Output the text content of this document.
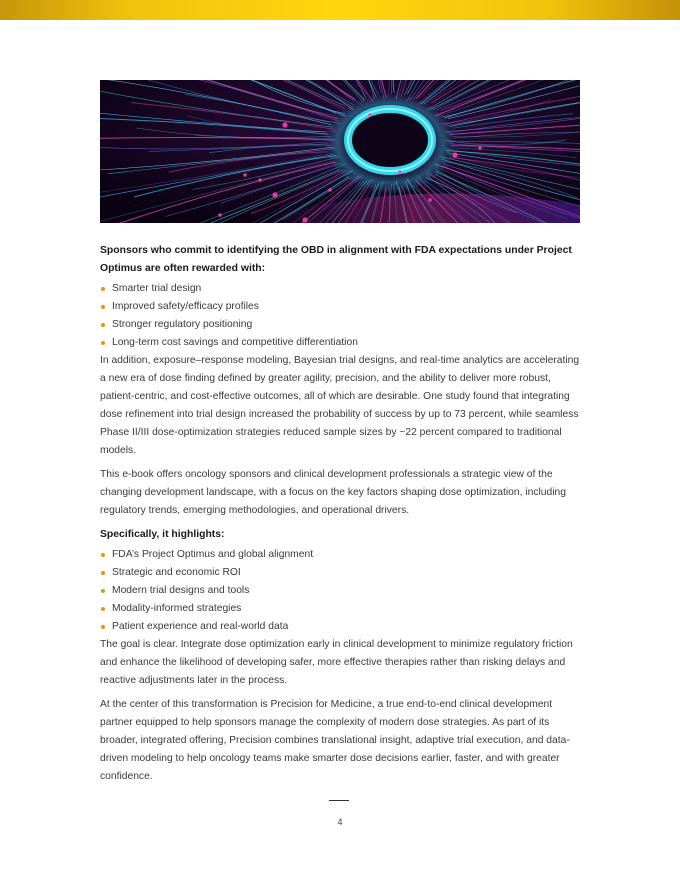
Sponsors who commit to identifying the OBD in alignment with FDA expectations under Project Optimus are often rewarded with:

Smarter trial design
Improved safety/efficacy profiles
Stronger regulatory positioning
Long-term cost savings and competitive differentiation

In addition, exposure–response modeling, Bayesian trial designs, and real-time analytics are accelerating a new era of dose finding defined by greater agility, precision, and the ability to deliver more robust, patient-centric, and cost-effective outcomes, all of which are desirable. One study found that integrating dose refinement into trial design increased the probability of success by up to 73 percent, while seamless Phase II/III dose-optimization strategies reduced sample sizes by ~22 percent compared to traditional models.

This e-book offers oncology sponsors and clinical development professionals a strategic view of the changing development landscape, with a focus on the key factors shaping dose optimization, including regulatory trends, emerging methodologies, and operational drivers.

Specifically, it highlights:

FDA’s Project Optimus and global alignment
Strategic and economic ROI
Modern trial designs and tools
Modality-informed strategies
Patient experience and real-world data

The goal is clear. Integrate dose optimization early in clinical development to minimize regulatory friction and enhance the likelihood of developing safer, more effective therapies rather than risking delays and reactive adjustments later in the process.

At the center of this transformation is Precision for Medicine, a true end-to-end clinical development partner equipped to help sponsors manage the complexity of modern dose strategies. As part of its broader, integrated offering, Precision combines translational insight, adaptive trial execution, and data-driven modeling to help oncology teams make smarter dose decisions earlier, faster, and with greater confidence.

4
